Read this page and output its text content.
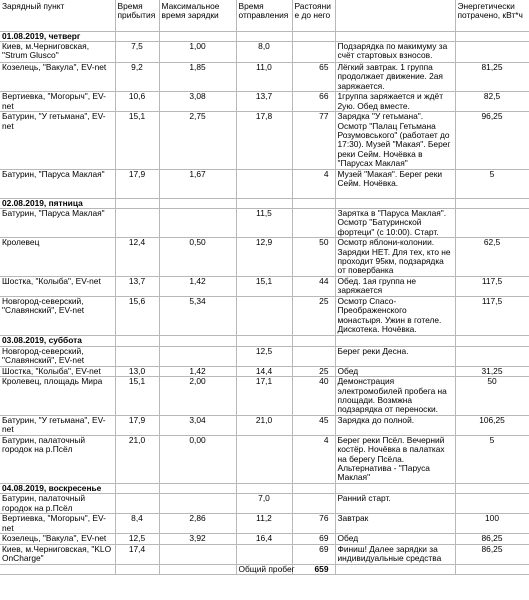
Зарядный пункт	Время прибытия	Максимальное время зарядки	Время отправления	Растояние до него		Энергетически потрачено, кВт*ч
01.08.2019, четверг						
Киев, м.Черниговская, "Strum Glusco"	7,5	1,00	8,0		Подзарядка по макимуму за счёт стартовых взносов.	
Козелець, "Вакула", EV-net	9,2	1,85	11,0	65	Лёгкий завтрак. 1 группа продолжает движение. 2ая заряжается.	81,25
Вертиевка, "Могорыч", EV-net	10,6	3,08	13,7	66	1группа заряжается и ждёт 2ую. Обед вместе.	82,5
Батурин, "У гетьмана", EV-net	15,1	2,75	17,8	77	Зарядка "У гетьмана". Осмотр "Палац Гетьмана Розумовського" (работает до 17:30). Музей "Макая". Берег реки Сейм. Ночёвка в "Парусах Маклая"	96,25
Батурин, "Паруса Маклая"	17,9	1,67		4	Музей "Макая". Берег реки Сейм. Ночёвка.	5
02.08.2019, пятница						
Батурин, "Паруса Маклая"			11,5		Зарятка в "Паруса Маклая". Осмотр "Батуринской фортеци" (с 10:00). Старт.	
Кролевец	12,4	0,50	12,9	50	Осмотр яблони-колонии. Зарядки НЕТ. Для тех, кто не проходит 95км, подзарядка от повербанка	62,5
Шостка, "Колыба", EV-net	13,7	1,42	15,1	44	Обед. 1ая группа не заряжается	117,5
Новгород-северский, "Славянский", EV-net	15,6	5,34		25	Осмотр Спасо-Преображенского монастыря. Ужин в готеле. Дискотека. Ночёвка.	117,5
03.08.2019, суббота						
Новгород-северский, "Славянский", EV-net			12,5		Берег реки Десна.	
Шостка, "Колыба", EV-net	13,0	1,42	14,4	25	Обед	31,25
Кролевец, площадь Мира	15,1	2,00	17,1	40	Демонстрация электромобилей пробега на площади. Возмжна подзарядка от переноски.	50
Батурин, "У гетьмана", EV-net	17,9	3,04	21,0	45	Зарядка до полной.	106,25
Батурин, палаточный городок на р.Псёл	21,0	0,00		4	Берег реки Псёл. Вечерний костёр. Ночёвка в палатках на берегу Псёла. Альтернатива - "Паруса Маклая"	5
04.08.2019, воскресенье						
Батурин, палаточный городок на р.Псёл			7,0		Ранний старт.	
Вертиевка, "Могорыч", EV-net	8,4	2,86	11,2	76	Завтрак	100
Козелець, "Вакула", EV-net	12,5	3,92	16,4	69	Обед	86,25
Киев, м.Черниговская, "KLO OnCharge"	17,4			69	Финиш! Далее зарядки за индивидуальные средства	86,25
			Общий пробег	659		
